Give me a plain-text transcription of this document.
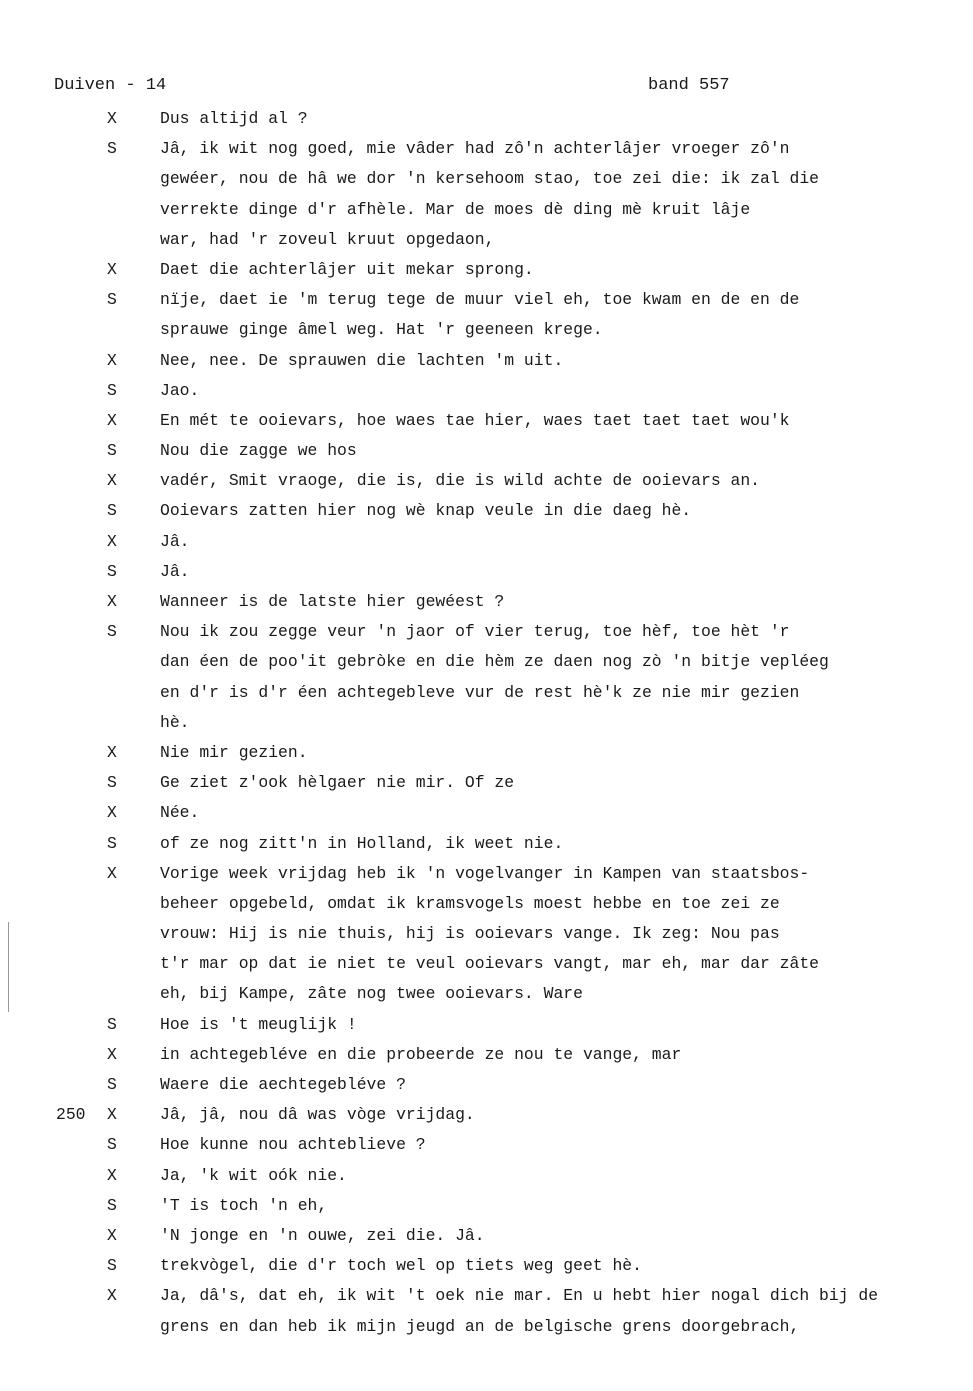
Duiven - 14	band 557
X	Dus altijd al ?
S	Jâ, ik wit nog goed, mie vâder had zô'n achterlâjer vroeger zô'n
gewéer, nou de hâ we dor 'n kersehoom stao, toe zei die: ik zal die
verrekte dinge d'r afhèle. Mar de moes dè ding mè kruit lâje
war, had 'r zoveul kruut opgedaon,
X	Daet die achterlâjer uit mekar sprong.
S	nïje, daet ie 'm terug tege de muur viel eh, toe kwam en de en de
sprauwe ginge âmel weg. Hat 'r geeneen krege.
X	Nee, nee. De sprauwen die lachten 'm uit.
S	Jao.
X	En mét te ooievars, hoe waes tae hier, waes taet taet taet wou'k
S	Nou die zagge we hos
X	vadér, Smit vraoge, die is, die is wild achte de ooievars an.
S	Ooievars zatten hier nog wè knap veule in die daeg hè.
X	Jâ.
S	Jâ.
X	Wanneer is de latste hier gewéest ?
S	Nou ik zou zegge veur 'n jaor of vier terug, toe hèf, toe hèt 'r
dan éen de poo'it gebròke en die hèm ze daen nog zò 'n bitje vepléeg
en d'r is d'r éen achtegebleve vur de rest hè'k ze nie mir gezien
hè.
X	Nie mir gezien.
S	Ge ziet z'ook hèlgaer nie mir. Of ze
X	Née.
S	of ze nog zitt'n in Holland, ik weet nie.
X	Vorige week vrijdag heb ik 'n vogelvanger in Kampen van staatsbos-
beheer opgebeld, omdat ik kramsvogels moest hebbe en toe zei ze
vrouw: Hij is nie thuis, hij is ooievars vange. Ik zeg: Nou pas
t'r mar op dat ie niet te veul ooievars vangt, mar eh, mar dar zâte
eh, bij Kampe, zâte nog twee ooievars. Ware
S	Hoe is 't meuglijk !
X	in achtegebléve en die probeerde ze nou te vange, mar
S	Waere die aechtegebléve ?
250 X	Jâ, jâ, nou dâ was vòge vrijdag.
S	Hoe kunne nou achteblieve ?
X	Ja, 'k wit oók nie.
S	'T is toch 'n eh,
X	'N jonge en 'n ouwe, zei die. Jâ.
S	trekvògel, die d'r toch wel op tiets weg geet hè.
X	Ja, dâ's, dat eh, ik wit 't oek nie mar. En u hebt hier nogal dich bij de
grens en dan heb ik mijn jeugd an de belgische grens doorgebrach,
